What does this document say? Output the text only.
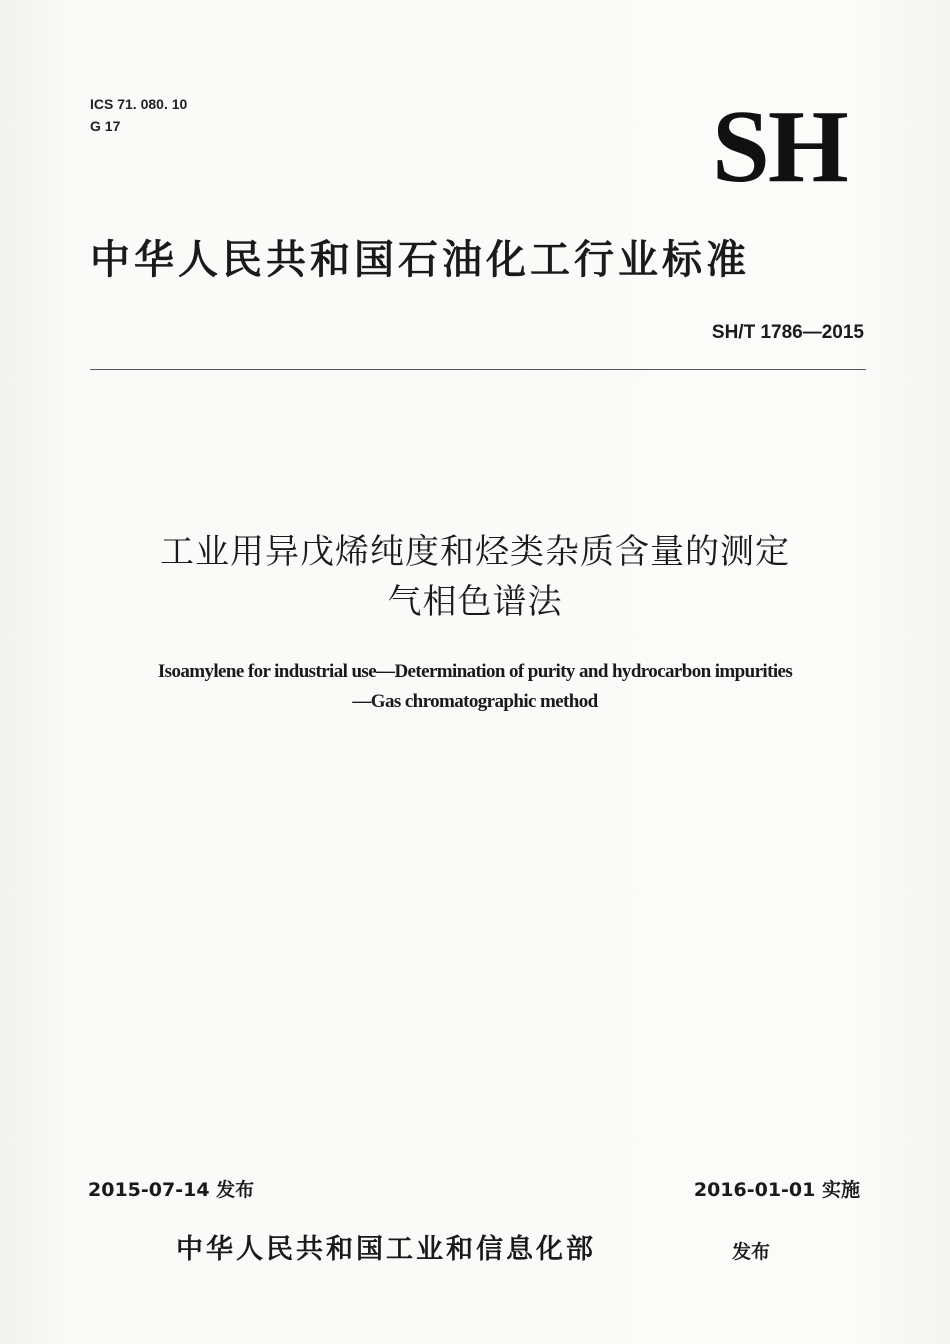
ICS 71. 080. 10
G 17	SH
中华人民共和国石油化工行业标准
SH/T 1786—2015
工业用异戊烯纯度和烃类杂质含量的测定
气相色谱法
Isoamylene for industrial use—Determination of purity and hydrocarbon impurities
—Gas chromatographic method
2015-07-14 发布	2016-01-01 实施
中华人民共和国工业和信息化部	发布
